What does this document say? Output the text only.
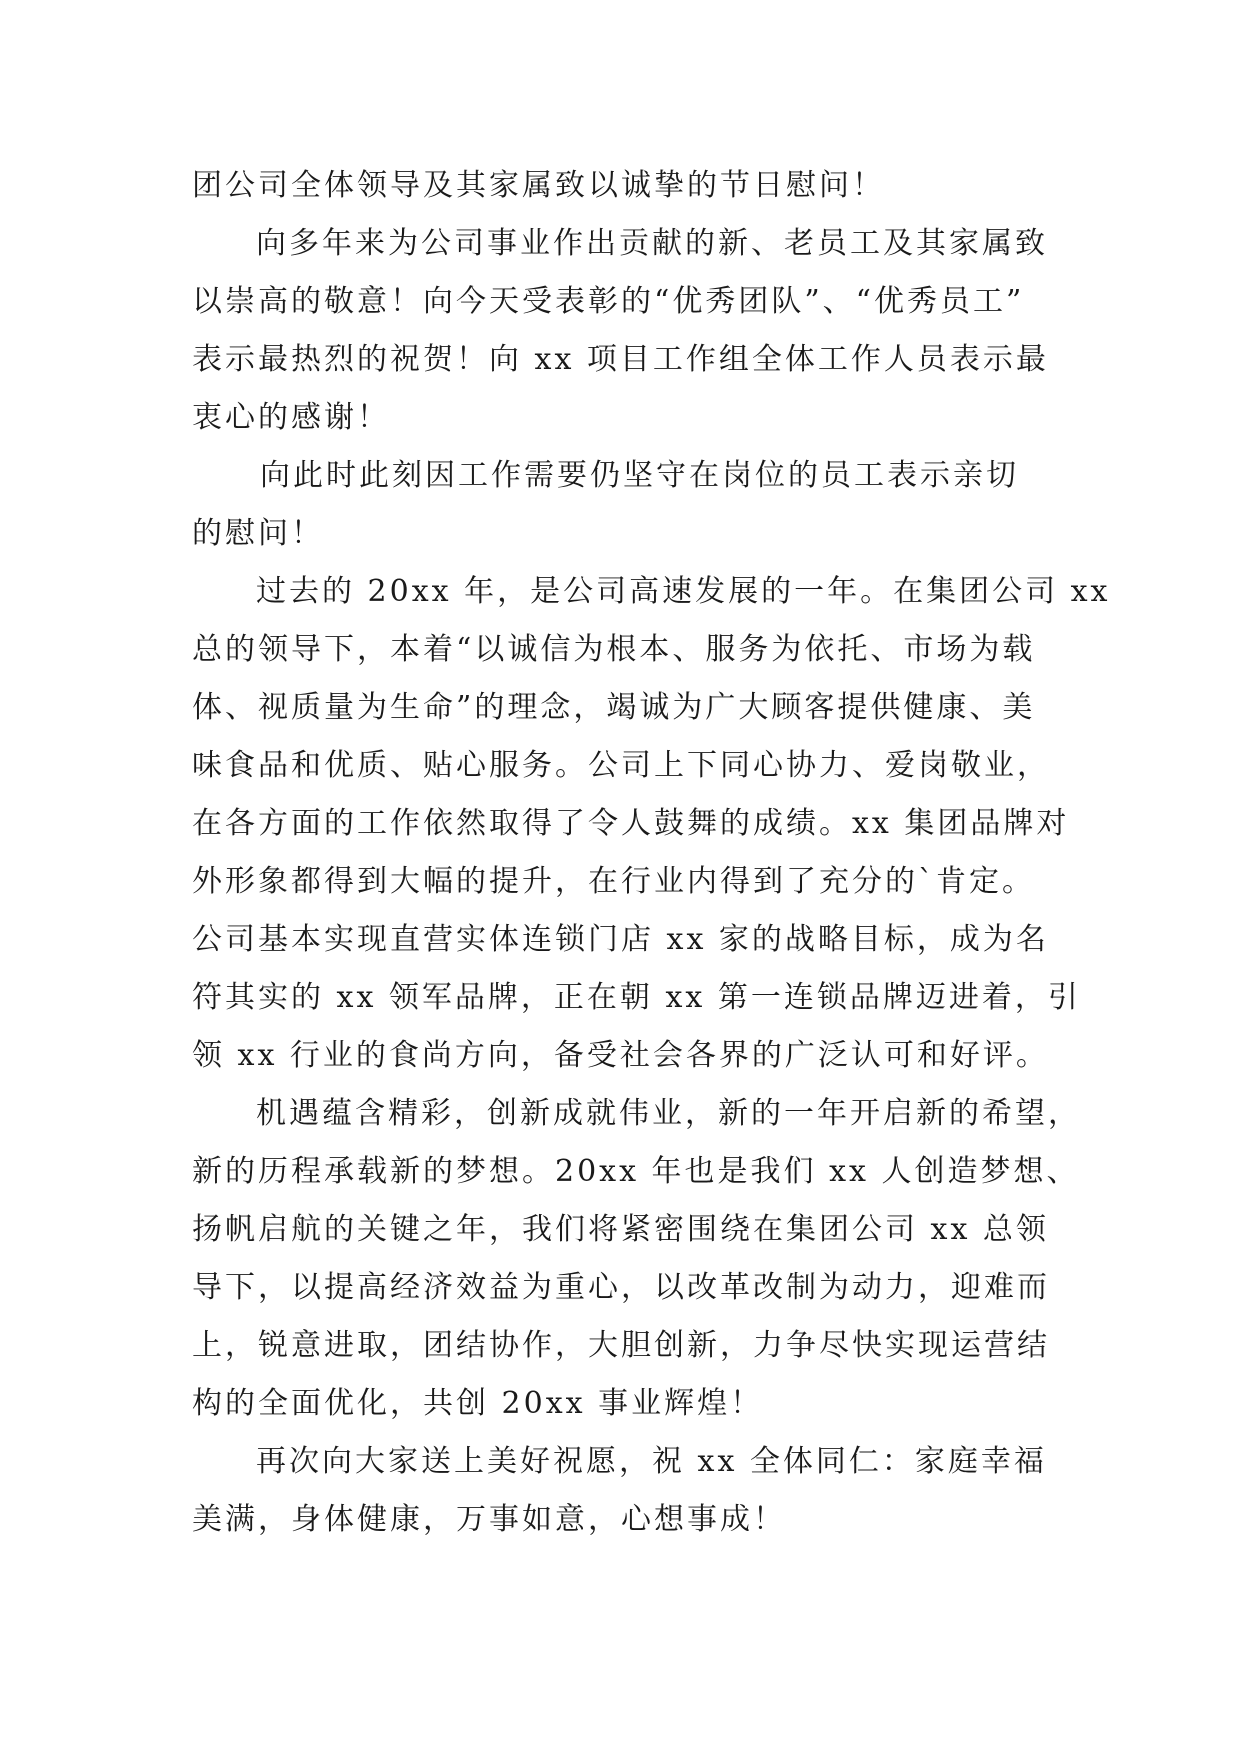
团公司全体领导及其家属致以诚挚的节日慰问！
向多年来为公司事业作出贡献的新、老员工及其家属致
以崇高的敬意！向今天受表彰的“优秀团队”、“优秀员工”
表示最热烈的祝贺！向 xx 项目工作组全体工作人员表示最
衷心的感谢！
向此时此刻因工作需要仍坚守在岗位的员工表示亲切
的慰问！
过去的 20xx 年，是公司高速发展的一年。在集团公司 xx
总的领导下，本着“以诚信为根本、服务为依托、市场为载
体、视质量为生命”的理念，竭诚为广大顾客提供健康、美
味食品和优质、贴心服务。公司上下同心协力、爱岗敬业，
在各方面的工作依然取得了令人鼓舞的成绩。xx 集团品牌对
外形象都得到大幅的提升，在行业内得到了充分的`肯定。
公司基本实现直营实体连锁门店 xx 家的战略目标，成为名
符其实的 xx 领军品牌，正在朝 xx 第一连锁品牌迈进着，引
领 xx 行业的食尚方向，备受社会各界的广泛认可和好评。
机遇蕴含精彩，创新成就伟业，新的一年开启新的希望，
新的历程承载新的梦想。20xx 年也是我们 xx 人创造梦想、
扬帆启航的关键之年，我们将紧密围绕在集团公司 xx 总领
导下，以提高经济效益为重心，以改革改制为动力，迎难而
上，锐意进取，团结协作，大胆创新，力争尽快实现运营结
构的全面优化，共创 20xx 事业辉煌！
再次向大家送上美好祝愿，祝 xx 全体同仁：家庭幸福
美满，身体健康，万事如意，心想事成！
